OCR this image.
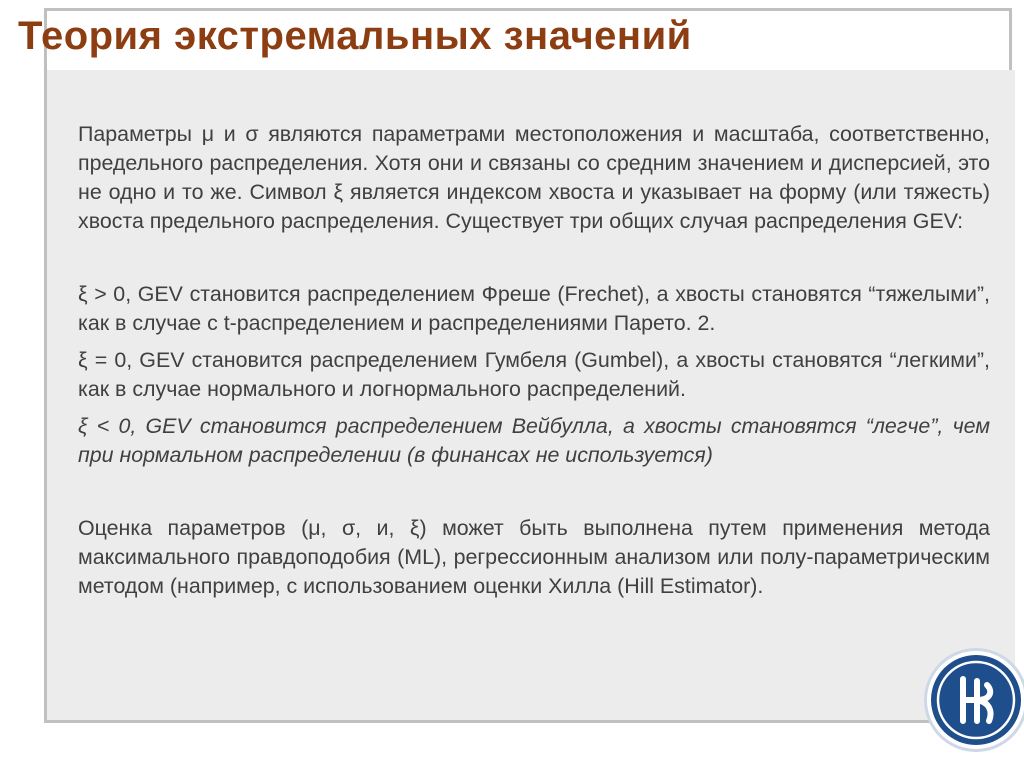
Теория экстремальных значений

Параметры μ и σ являются параметрами местоположения и масштаба, соответственно, предельного распределения. Хотя они и связаны со средним значением и дисперсией, это не одно и то же. Символ ξ является индексом хвоста и указывает на форму (или тяжесть) хвоста предельного распределения. Существует три общих случая распределения GEV:

ξ > 0, GEV становится распределением Фреше (Frechet), а хвосты становятся “тяжелыми”, как в случае с t-распределением и распределениями Парето. 2.

ξ = 0, GEV становится распределением Гумбеля (Gumbel), а хвосты становятся “легкими”, как в случае нормального и логнормального распределений.

ξ < 0, GEV становится распределением Вейбулла, а хвосты становятся “легче”, чем при нормальном распределении (в финансах не используется)

Оценка параметров (μ, σ, и, ξ) может быть выполнена путем применения метода максимального правдоподобия (ML), регрессионным анализом или полу-параметрическим методом (например, с использованием оценки Хилла (Hill Estimator).
